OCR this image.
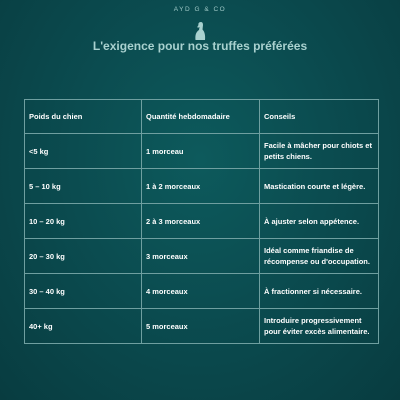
AYD G & CO
L'exigence pour nos truffes préférées
Poids du chien	Quantité hebdomadaire	Conseils
<5 kg	1 morceau	Facile à mâcher pour chiots et petits chiens.
5 – 10 kg	1 à 2 morceaux	Mastication courte et légère.
10 – 20 kg	2 à 3 morceaux	À ajuster selon appétence.
20 – 30 kg	3 morceaux	Idéal comme friandise de récompense ou d'occupation.
30 – 40 kg	4 morceaux	À fractionner si nécessaire.
40+ kg	5 morceaux	Introduire progressivement pour éviter excès alimentaire.
